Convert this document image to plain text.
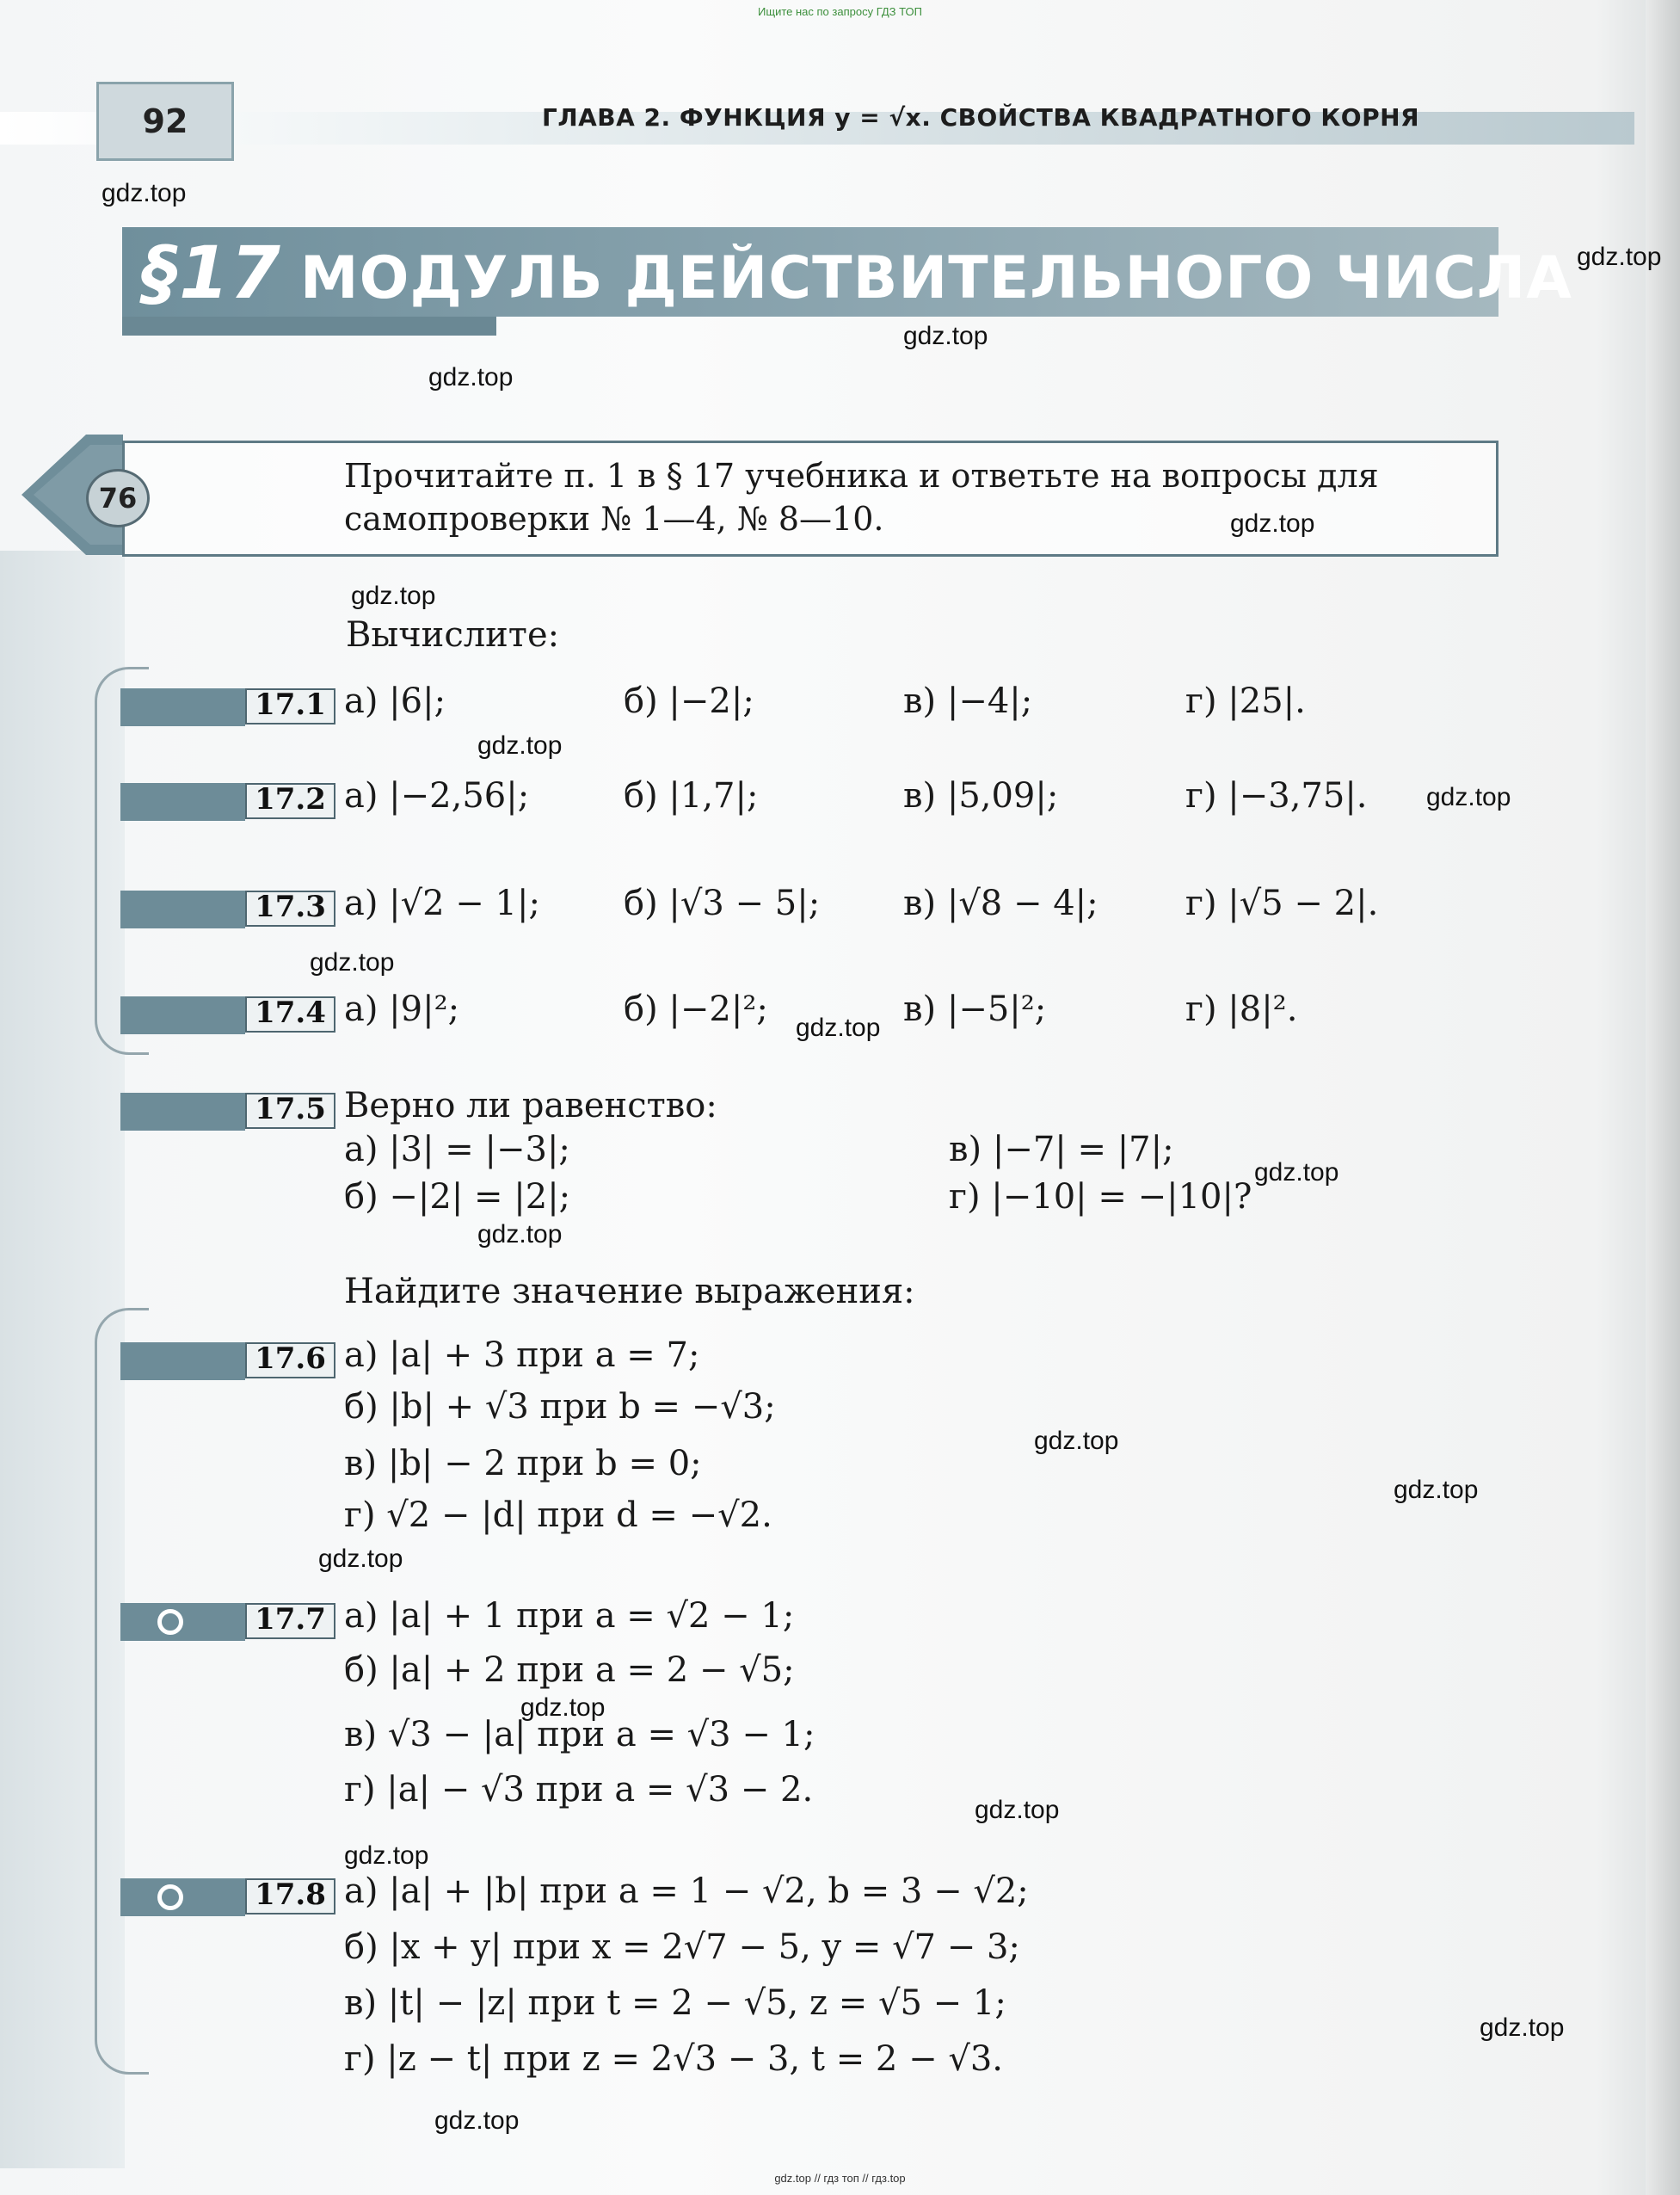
Ищите нас по запросу ГДЗ ТОП
92	ГЛАВА 2. ФУНКЦИЯ y = √x. СВОЙСТВА КВАДРАТНОГО КОРНЯ
§17 МОДУЛЬ ДЕЙСТВИТЕЛЬНОГО ЧИСЛА
76
Прочитайте п. 1 в § 17 учебника и ответьте на вопросы для самопроверки № 1—4, № 8—10.
Вычислите:
17.1 а) |6|;	б) |−2|;	в) |−4|;	г) |25|.
17.2 а) |−2,56|;	б) |1,7|;	в) |5,09|;	г) |−3,75|.
17.3 а) |√2 − 1|; б) |√3 − 5|; в) |√8 − 4|;	г) |√5 − 2|.
17.4 а) |9|²;	б) |−2|²;	в) |−5|²;	г) |8|².
17.5 Верно ли равенство:
а) |3| = |−3|;
б) −|2| = |2|;
в) |−7| = |7|;
г) |−10| = −|10|?
Найдите значение выражения:
17.6 а) |a| + 3 при a = 7;
б) |b| + √3 при b = −√3;
в) |b| − 2 при b = 0;
г) √2 − |d| при d = −√2.
17.7 а) |a| + 1 при a = √2 − 1;
б) |a| + 2 при a = 2 − √5;
в) √3 − |a| при a = √3 − 1;
г) |a| − √3 при a = √3 − 2.
17.8 а) |a| + |b| при a = 1 − √2, b = 3 − √2;
б) |x + y| при x = 2√7 − 5, y = √7 − 3;
в) |t| − |z| при t = 2 − √5, z = √5 − 1;
г) |z − t| при z = 2√3 − 3, t = 2 − √3.
gdz.top
gdz.top
gdz.top
gdz.top
gdz.top
gdz.top
gdz.top
gdz.top
gdz.top
gdz.top
gdz.top
gdz.top
gdz.top
gdz.top
gdz.top
gdz.top
gdz.top
gdz.top
gdz.top
gdz.top
gdz.top // гдз топ // гдз.top
